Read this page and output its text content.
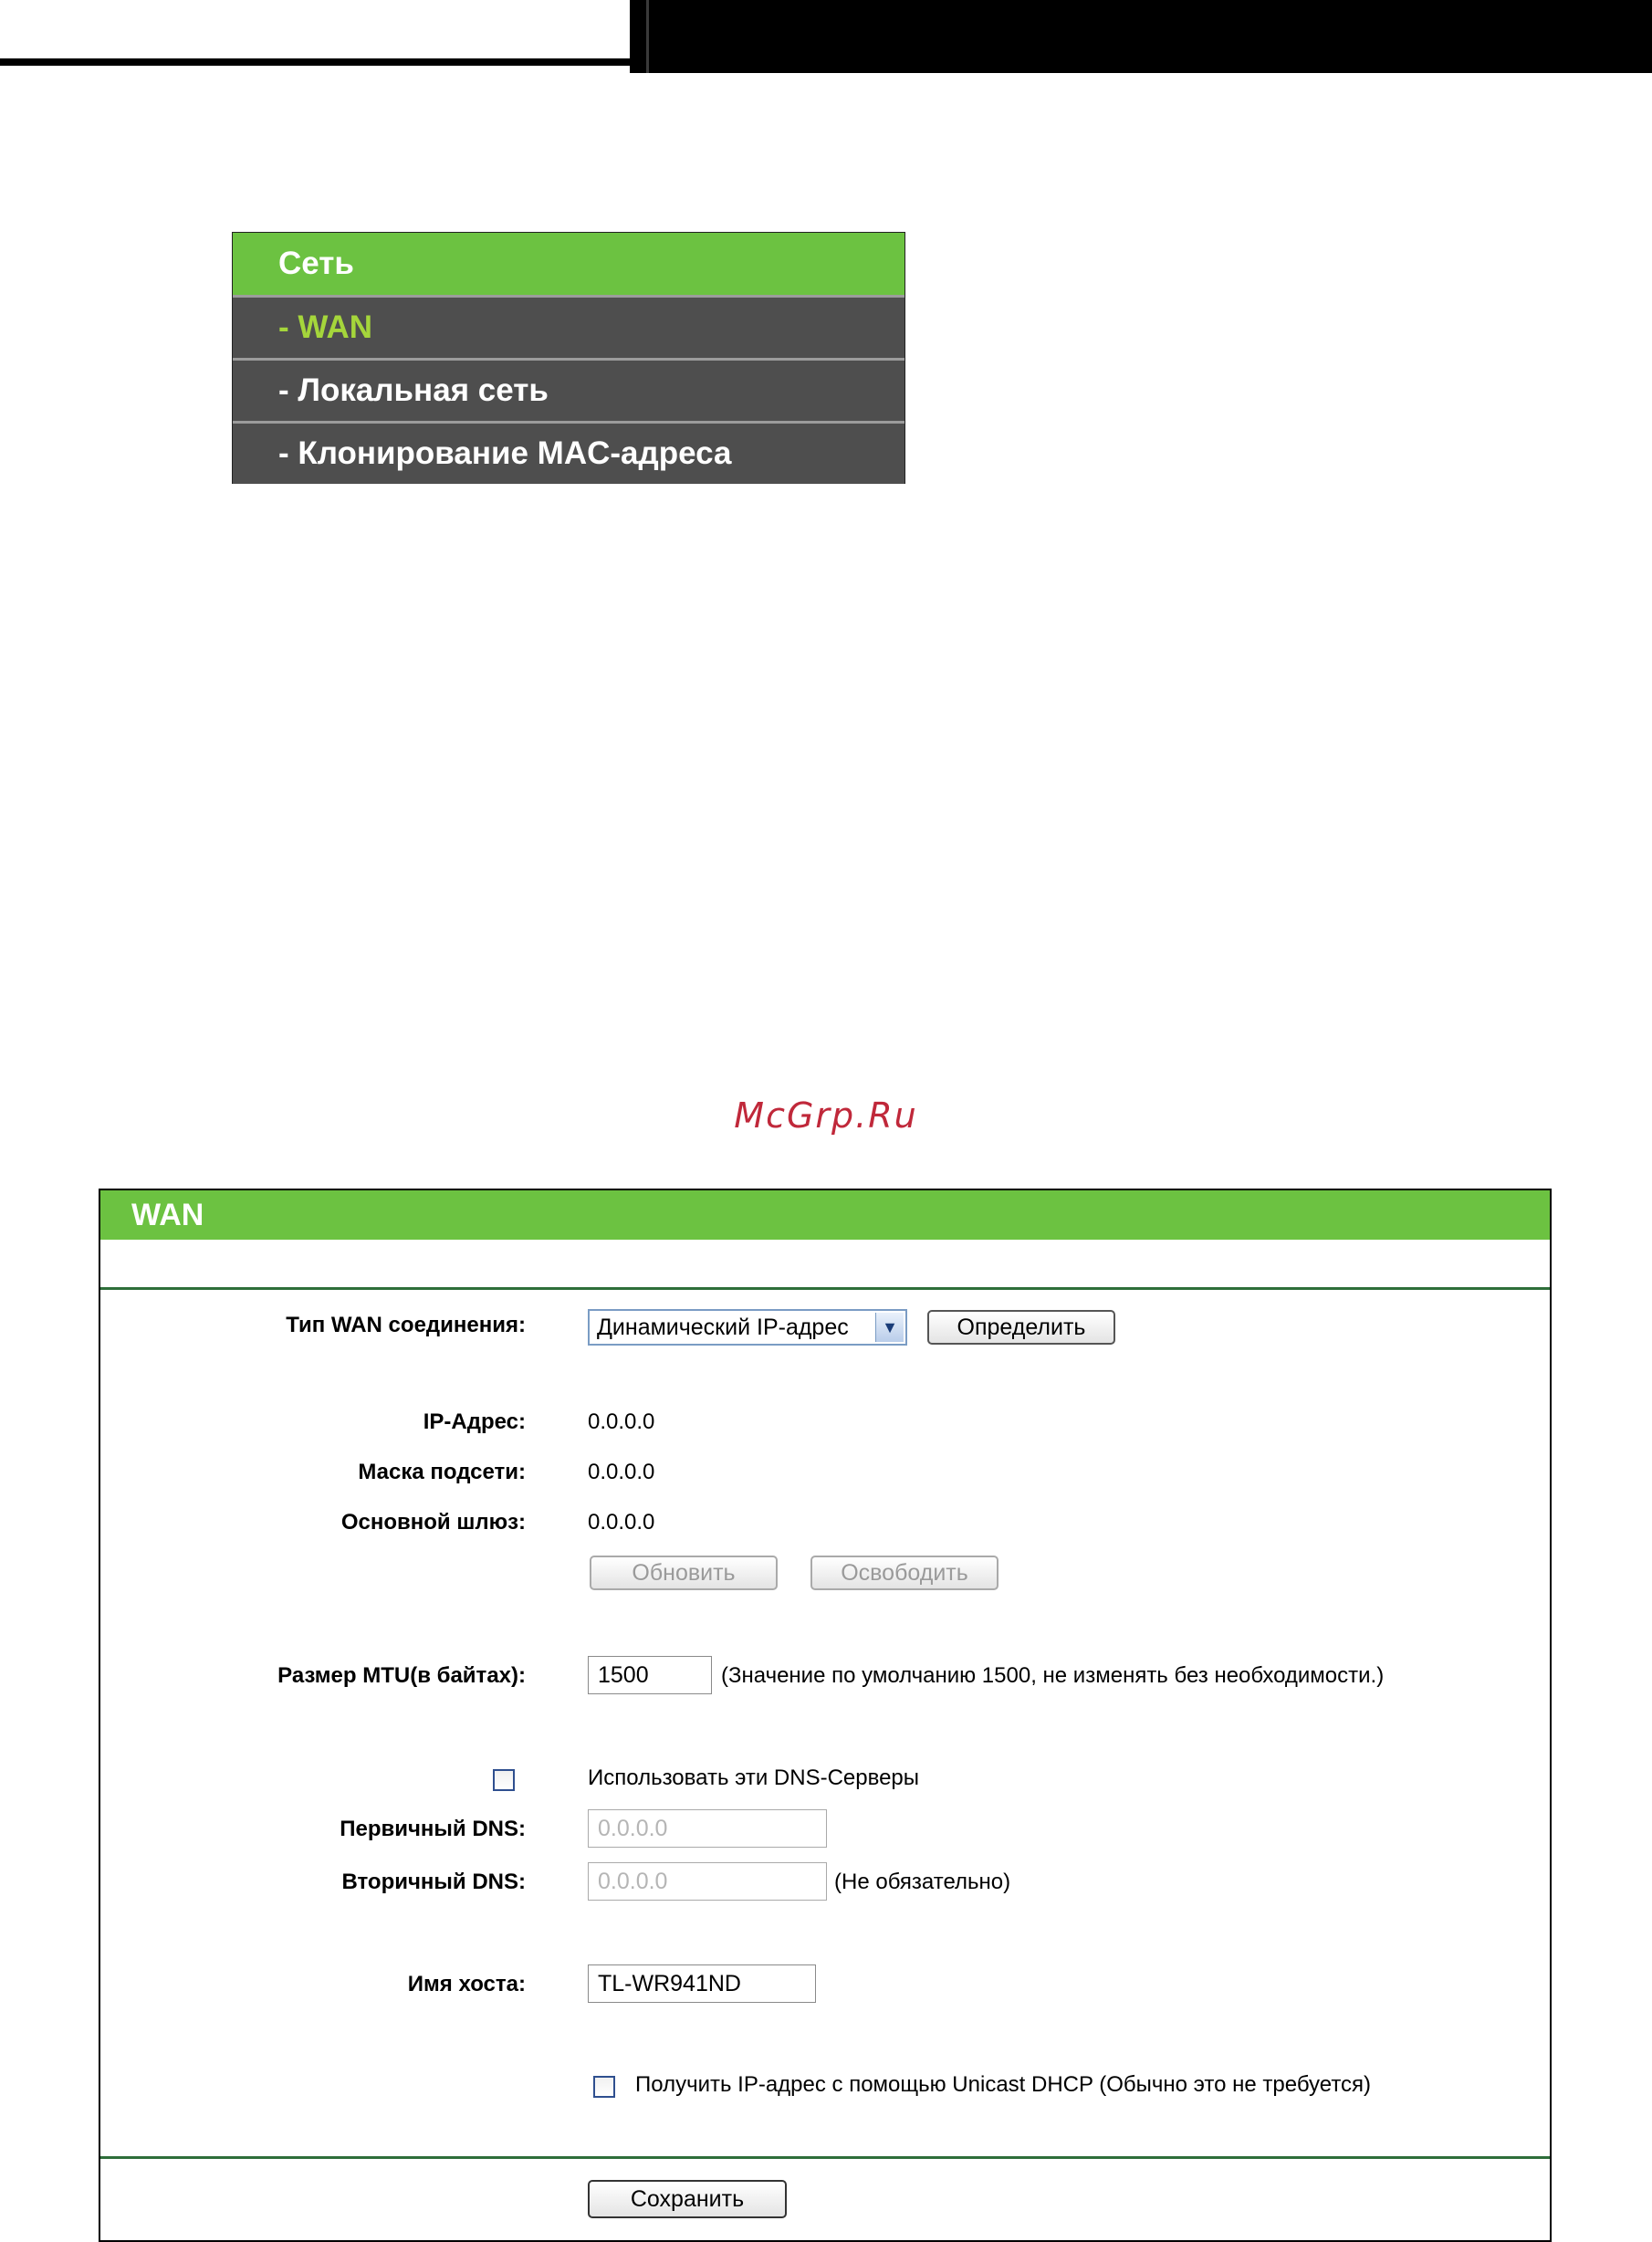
Сеть
- WAN
- Локальная сеть
- Клонирование MAC-адреса
McGrp.Ru
WAN
Тип WAN соединения:	Динамический IP-адрес	▼	Определить
IP-Адрес:	0.0.0.0
Маска подсети:	0.0.0.0
Основной шлюз:	0.0.0.0
Обновить	Освободить
Размер MTU(в байтах):	1500	(Значение по умолчанию 1500, не изменять без необходимости.)
Использовать эти DNS-Серверы
Первичный DNS:	0.0.0.0
Вторичный DNS:	0.0.0.0	(Не обязательно)
Имя хоста:	TL-WR941ND
Получить IP-адрес с помощью Unicast DHCP (Обычно это не требуется)
Сохранить
